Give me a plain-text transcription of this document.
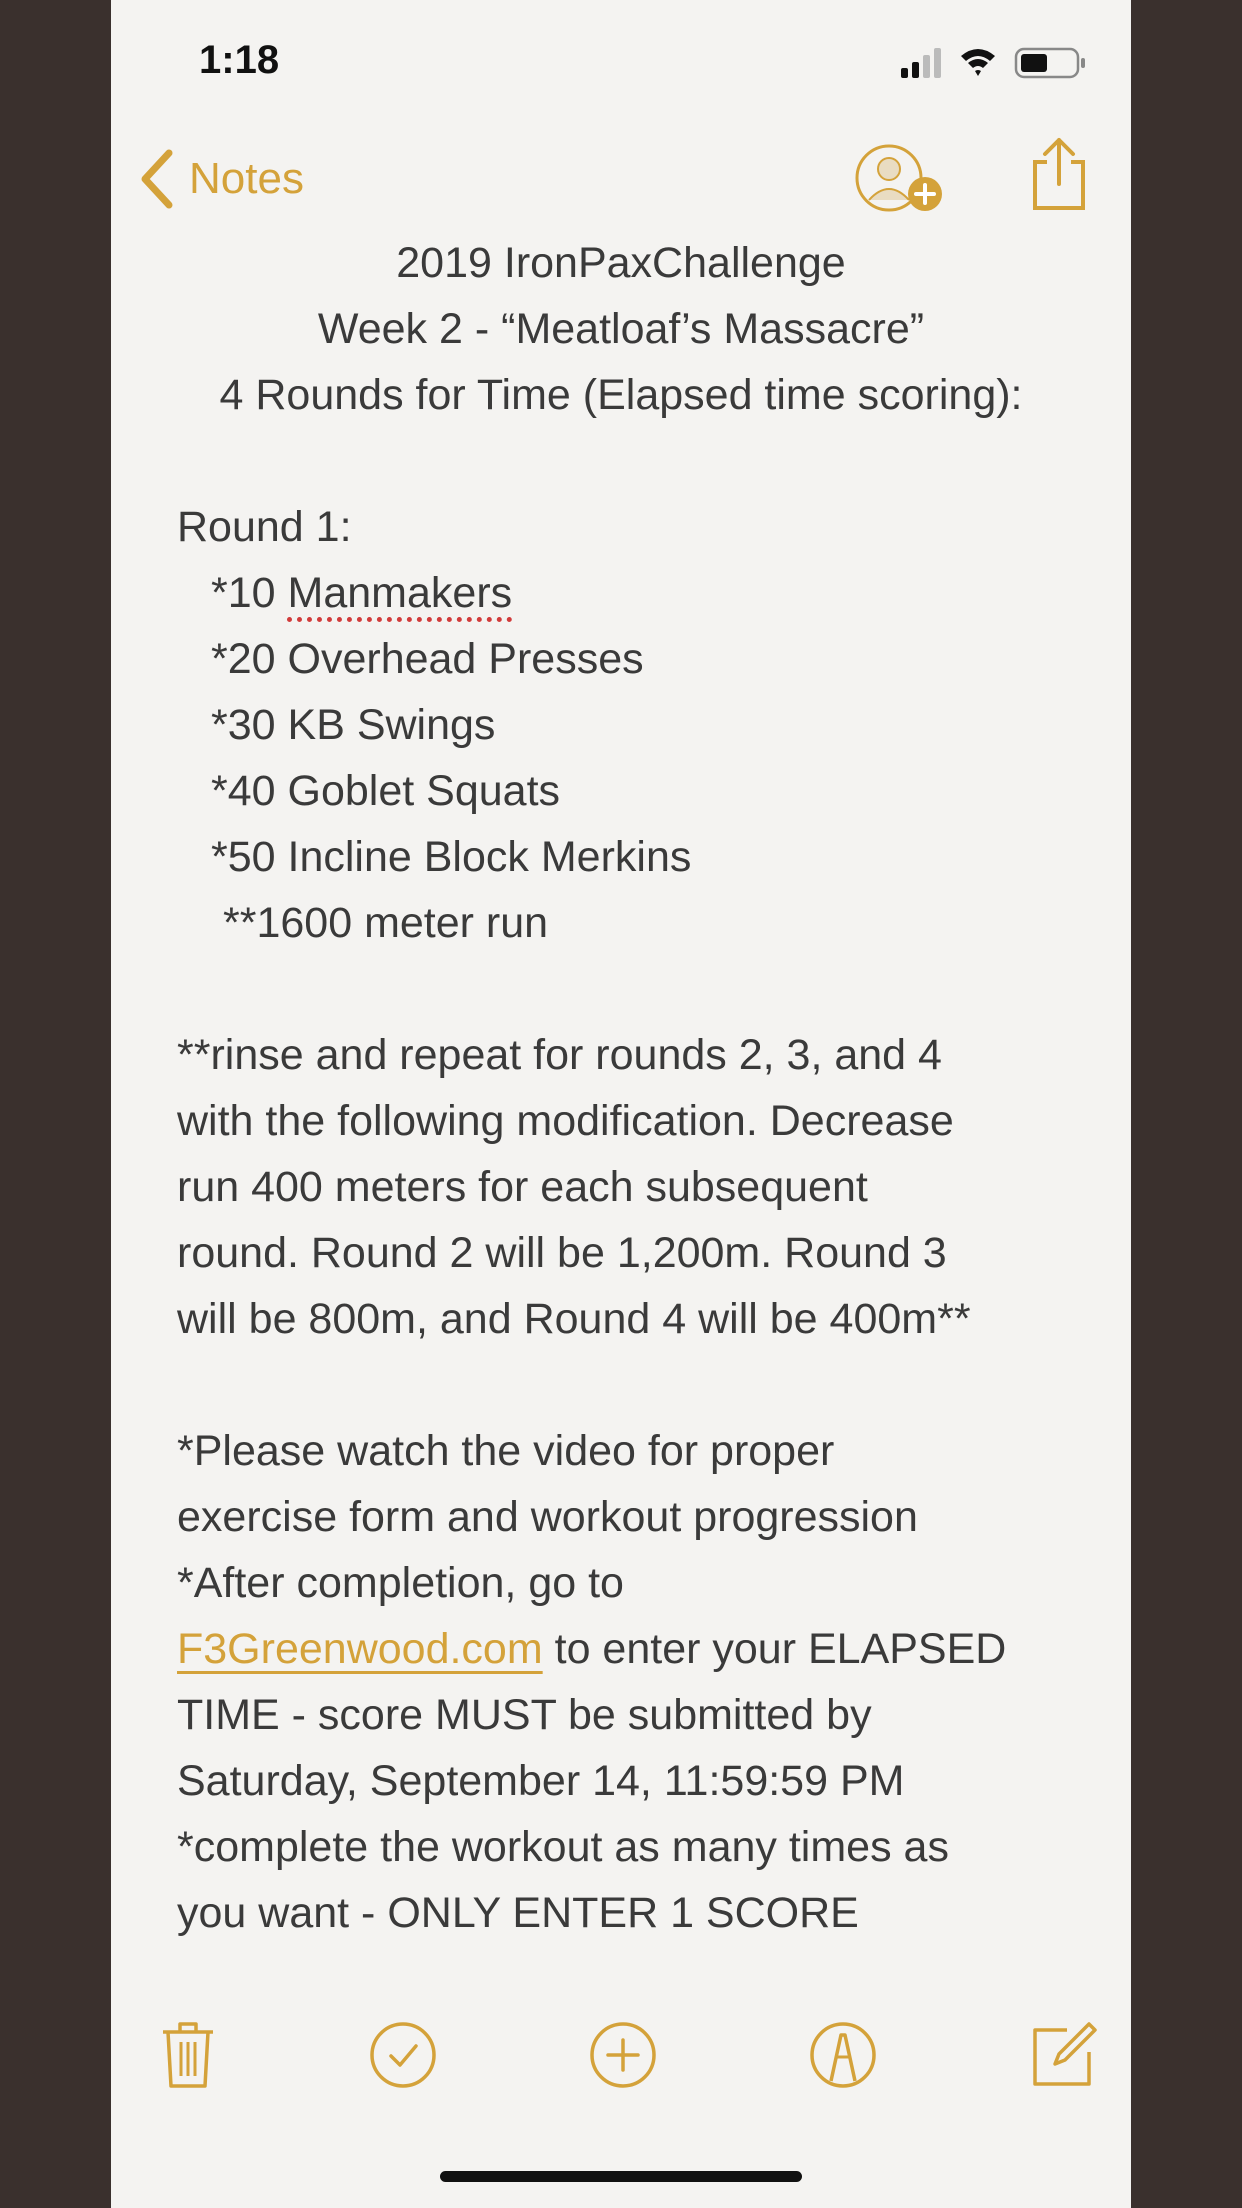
1:18
Notes
2019 IronPaxChallenge
Week 2 - “Meatloaf’s Massacre”
4 Rounds for Time (Elapsed time scoring):
Round 1:
*10 Manmakers
*20 Overhead Presses
*30 KB Swings
*40 Goblet Squats
*50 Incline Block Merkins
**1600 meter run
**rinse and repeat for rounds 2, 3, and 4
with the following modification. Decrease
run 400 meters for each subsequent
round. Round 2 will be 1,200m. Round 3
will be 800m, and Round 4 will be 400m**
*Please watch the video for proper
exercise form and workout progression
*After completion, go to
F3Greenwood.com to enter your ELAPSED
TIME - score MUST be submitted by
Saturday, September 14, 11:59:59 PM
*complete the workout as many times as
you want - ONLY ENTER 1 SCORE
